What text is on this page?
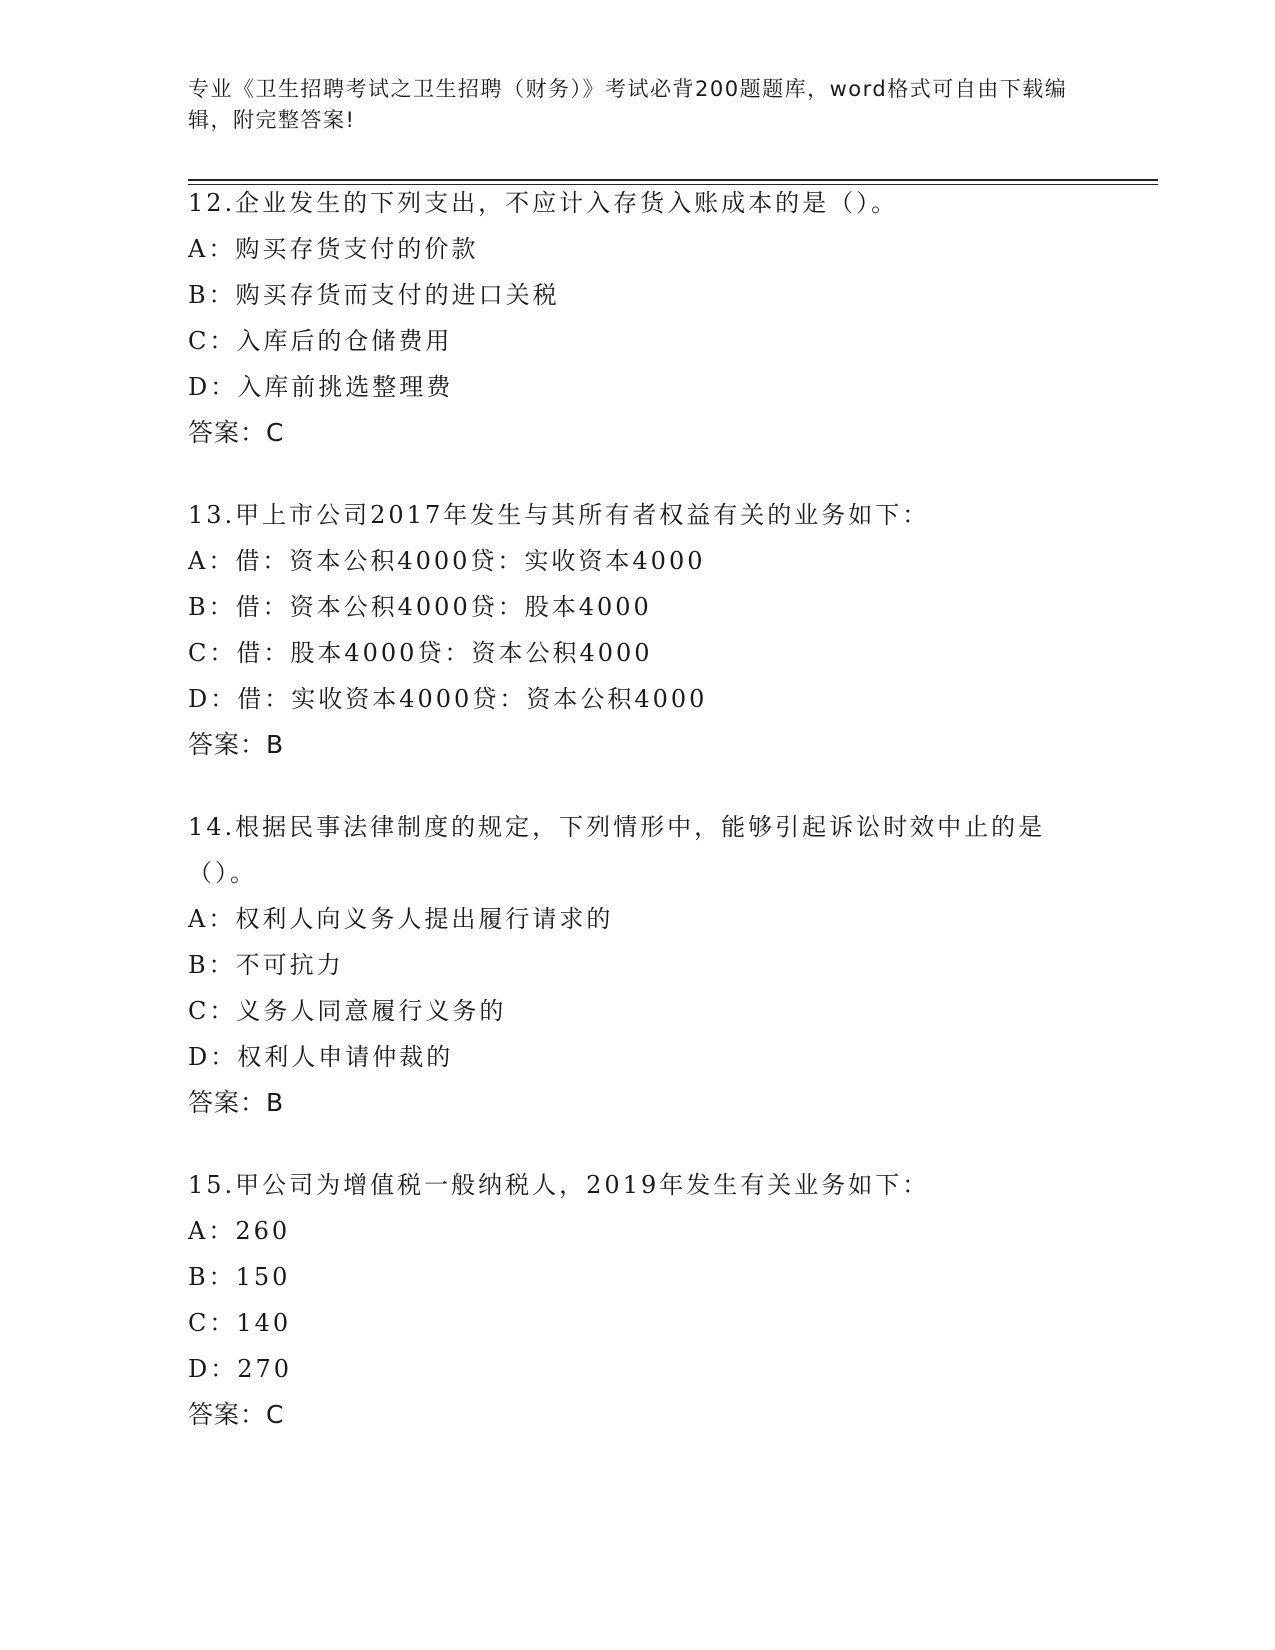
专业《卫生招聘考试之卫生招聘（财务）》考试必背200题题库，word格式可自由下载编辑，附完整答案!
12.企业发生的下列支出，不应计入存货入账成本的是（）。
A：购买存货支付的价款
B：购买存货而支付的进口关税
C：入库后的仓储费用
D：入库前挑选整理费
答案：C
13.甲上市公司2017年发生与其所有者权益有关的业务如下：
A：借：资本公积4000贷：实收资本4000
B：借：资本公积4000贷：股本4000
C：借：股本4000贷：资本公积4000
D：借：实收资本4000贷：资本公积4000
答案：B
14.根据民事法律制度的规定，下列情形中，能够引起诉讼时效中止的是（）。
A：权利人向义务人提出履行请求的
B：不可抗力
C：义务人同意履行义务的
D：权利人申请仲裁的
答案：B
15.甲公司为增值税一般纳税人，2019年发生有关业务如下：
A：260
B：150
C：140
D：270
答案：C
